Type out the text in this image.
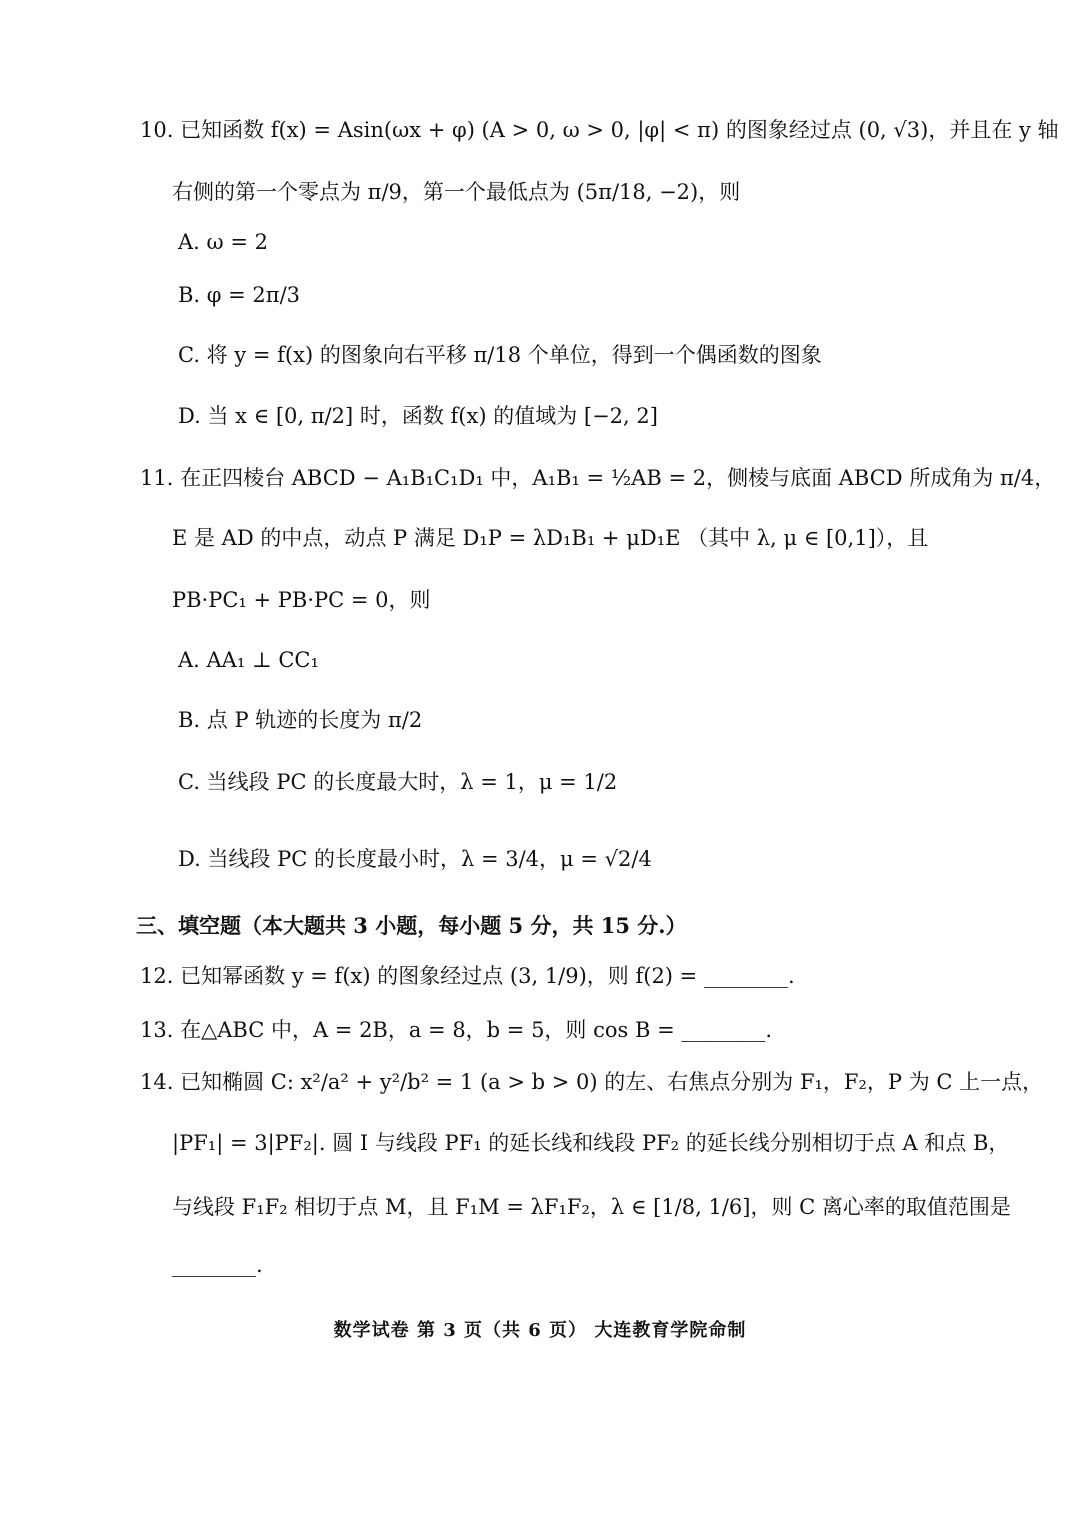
10. 已知函数 f(x) = Asin(ωx + φ) (A > 0, ω > 0, |φ| < π) 的图象经过点 (0, √3)，并且在 y 轴
右侧的第一个零点为 π/9，第一个最低点为 (5π/18, −2)，则
A. ω = 2
B. φ = 2π/3
C. 将 y = f(x) 的图象向右平移 π/18 个单位，得到一个偶函数的图象
D. 当 x ∈ [0, π/2] 时，函数 f(x) 的值域为 [−2, 2]
11. 在正四棱台 ABCD − A₁B₁C₁D₁ 中，A₁B₁ = ½AB = 2，侧棱与底面 ABCD 所成角为 π/4，
E 是 AD 的中点，动点 P 满足 D₁P = λD₁B₁ + μD₁E （其中 λ, μ ∈ [0,1]），且
PB·PC₁ + PB·PC = 0，则
A. AA₁ ⊥ CC₁
B. 点 P 轨迹的长度为 π/2
C. 当线段 PC 的长度最大时，λ = 1，μ = 1/2
D. 当线段 PC 的长度最小时，λ = 3/4，μ = √2/4
三、填空题（本大题共 3 小题，每小题 5 分，共 15 分.）
12. 已知幂函数 y = f(x) 的图象经过点 (3, 1/9)，则 f(2) = ________.
13. 在△ABC 中，A = 2B，a = 8，b = 5，则 cos B = ________.
14. 已知椭圆 C: x²/a² + y²/b² = 1 (a > b > 0) 的左、右焦点分别为 F₁，F₂，P 为 C 上一点，
|PF₁| = 3|PF₂|. 圆 I 与线段 PF₁ 的延长线和线段 PF₂ 的延长线分别相切于点 A 和点 B，
与线段 F₁F₂ 相切于点 M，且 F₁M = λF₁F₂，λ ∈ [1/8, 1/6]，则 C 离心率的取值范围是
________.
数学试卷 第 3 页（共 6 页） 大连教育学院命制
